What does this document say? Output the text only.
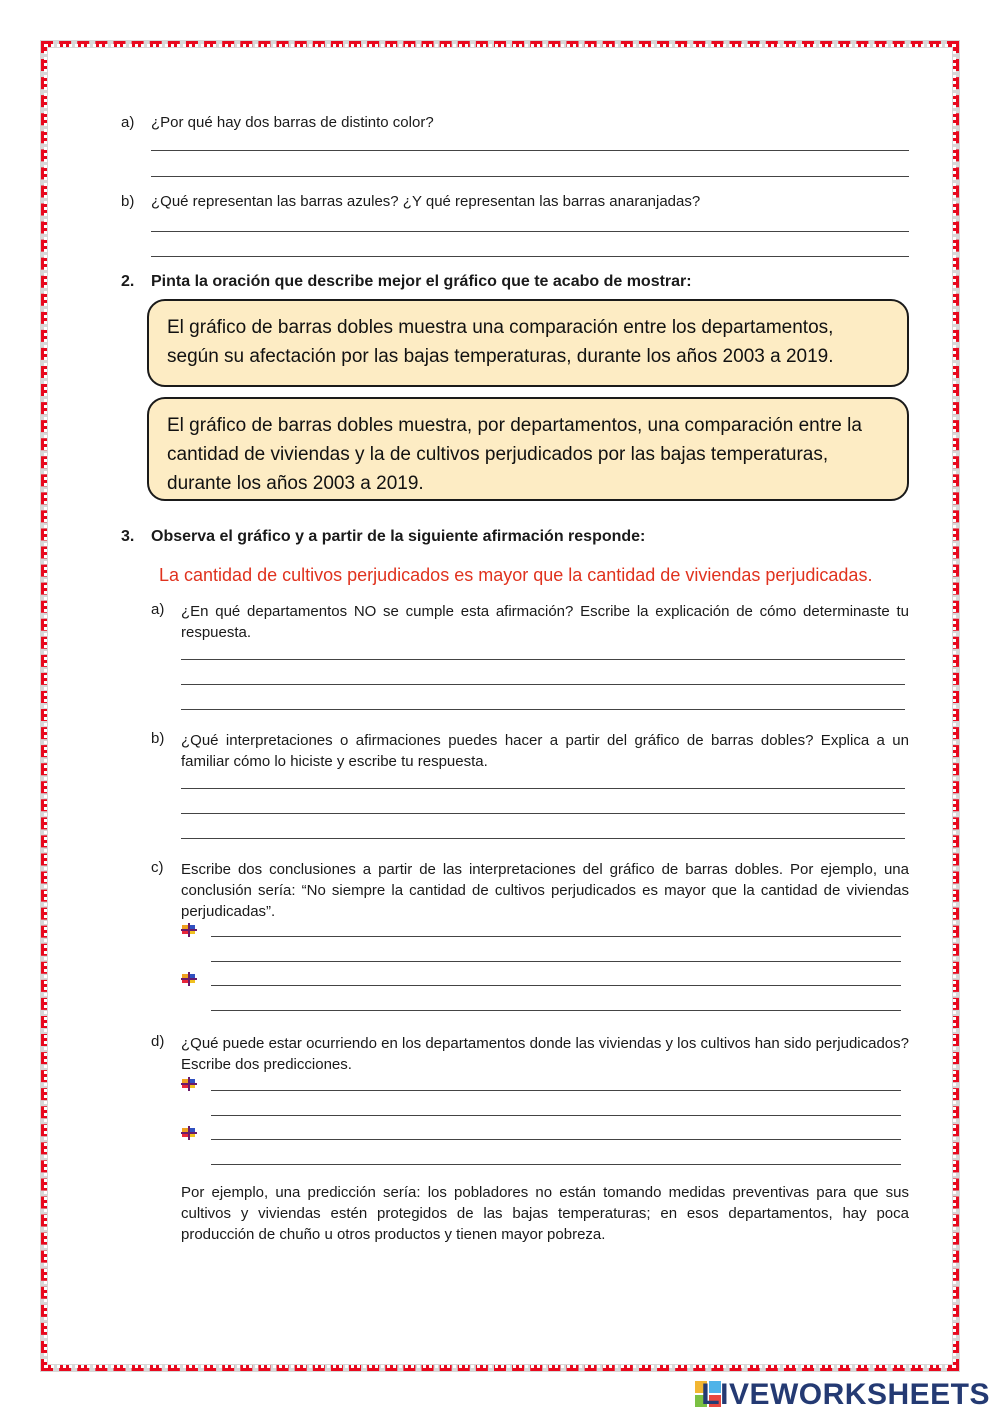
a) ¿Por qué hay dos barras de distinto color?
b) ¿Qué representan las barras azules? ¿Y qué representan las barras anaranjadas?
2. Pinta la oración que describe mejor el gráfico que te acabo de mostrar:
El gráfico de barras dobles muestra una comparación entre los departamentos, según su afectación por las bajas temperaturas, durante los años 2003 a 2019.
El gráfico de barras dobles muestra, por departamentos, una comparación entre la cantidad de viviendas y la de cultivos perjudicados por las bajas temperaturas, durante los años 2003 a 2019.
3. Observa el gráfico y a partir de la siguiente afirmación responde:
La cantidad de cultivos perjudicados es mayor que la cantidad de viviendas perjudicadas.
a) ¿En qué departamentos NO se cumple esta afirmación? Escribe la explicación de cómo determinaste tu respuesta.
b) ¿Qué interpretaciones o afirmaciones puedes hacer a partir del gráfico de barras dobles? Explica a un familiar cómo lo hiciste y escribe tu respuesta.
c) Escribe dos conclusiones a partir de las interpretaciones del gráfico de barras dobles. Por ejemplo, una conclusión sería: “No siempre la cantidad de cultivos perjudicados es mayor que la cantidad de viviendas perjudicadas”.
d) ¿Qué puede estar ocurriendo en los departamentos donde las viviendas y los cultivos han sido perjudicados? Escribe dos predicciones.
Por ejemplo, una predicción sería: los pobladores no están tomando medidas preventivas para que sus cultivos y viviendas estén protegidos de las bajas temperaturas; en esos departamentos, hay poca producción de chuño u otros productos y tienen mayor pobreza.
LIVEWORKSHEETS
